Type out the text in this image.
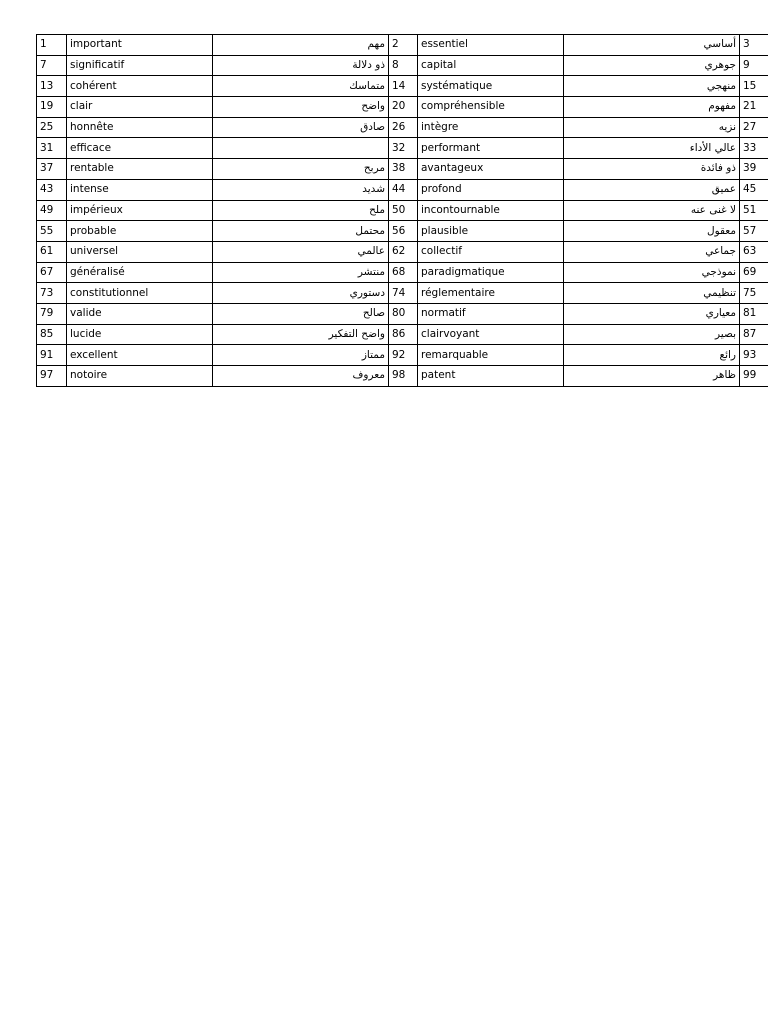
1	important	مهم	2	essentiel	أساسي	3
7	significatif	ذو دلالة	8	capital	جوهري	9
13	cohérent	متماسك	14	systématique	منهجي	15
19	clair	واضح	20	compréhensible	مفهوم	21
25	honnête	صادق	26	intègre	نزيه	27
31	efficace		32	performant	عالي الأداء	33
37	rentable	مربح	38	avantageux	ذو فائدة	39
43	intense	شديد	44	profond	عميق	45
49	impérieux	ملح	50	incontournable	لا غنى عنه	51
55	probable	محتمل	56	plausible	معقول	57
61	universel	عالمي	62	collectif	جماعي	63
67	généralisé	منتشر	68	paradigmatique	نموذجي	69
73	constitutionnel	دستوري	74	réglementaire	تنظيمي	75
79	valide	صالح	80	normatif	معياري	81
85	lucide	واضح التفكير	86	clairvoyant	بصير	87
91	excellent	ممتاز	92	remarquable	رائع	93
97	notoire	معروف	98	patent	ظاهر	99
